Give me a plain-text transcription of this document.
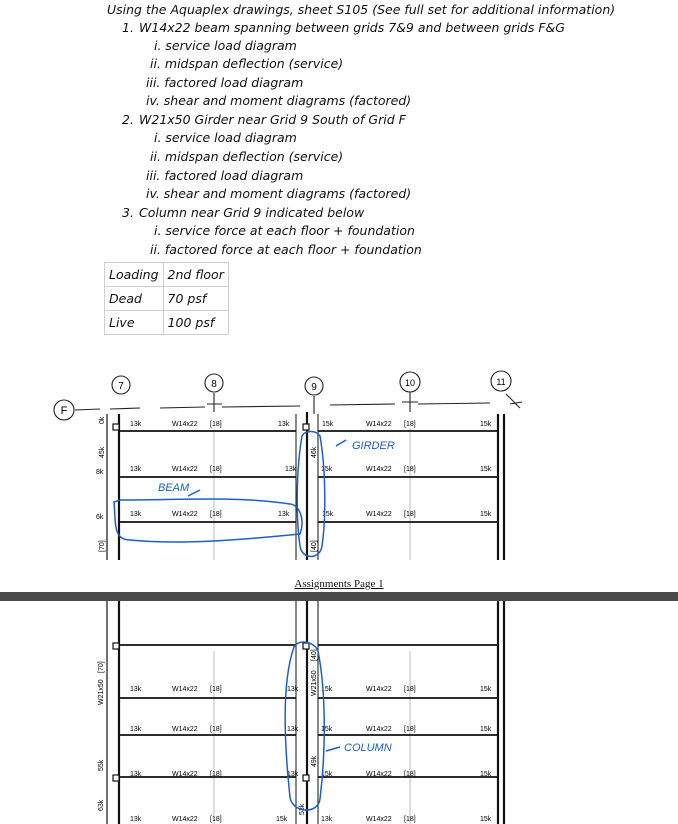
Using the Aquaplex drawings, sheet S105 (See full set for additional information)
1. W14x22 beam spanning between grids 7&9 and between grids F&G
i. service load diagram
ii. midspan deflection (service)
iii. factored load diagram
iv. shear and moment diagrams (factored)
2. W21x50 Girder near Grid 9 South of Grid F
i. service load diagram
ii. midspan deflection (service)
iii. factored load diagram
iv. shear and moment diagrams (factored)
3. Column near Grid 9 indicated below
i. service force at each floor + foundation
ii. factored force at each floor + foundation
Loading	2nd floor
Dead	70 psf
Live	100 psf
F
7	8	9	10	11
13k	W14x22 [18]	13k	15k	W14x22 [18]	15k
13k	W14x22 [18]	13k	15k	W14x22 [18]	15k
13k	W14x22 [18]	13k	15k	W14x22 [18]	15k
0k
45k
8k
6k
[70]
46k
[40]
GIRDER
BEAM
Assignments Page 1
13k	W14x22 [18]	13k	15k	W14x22 [18]	15k
13k	W14x22 [18]	13k	15k	W14x22 [18]	15k
13k	W14x22 [18]	13k	15k	W14x22 [18]	15k
13k	W14x22 [18]	15k	13k	W14x22 [18]	15k
W21x50
[70]
55k
63k
W21x50
[40]
49k
53k
COLUMN
